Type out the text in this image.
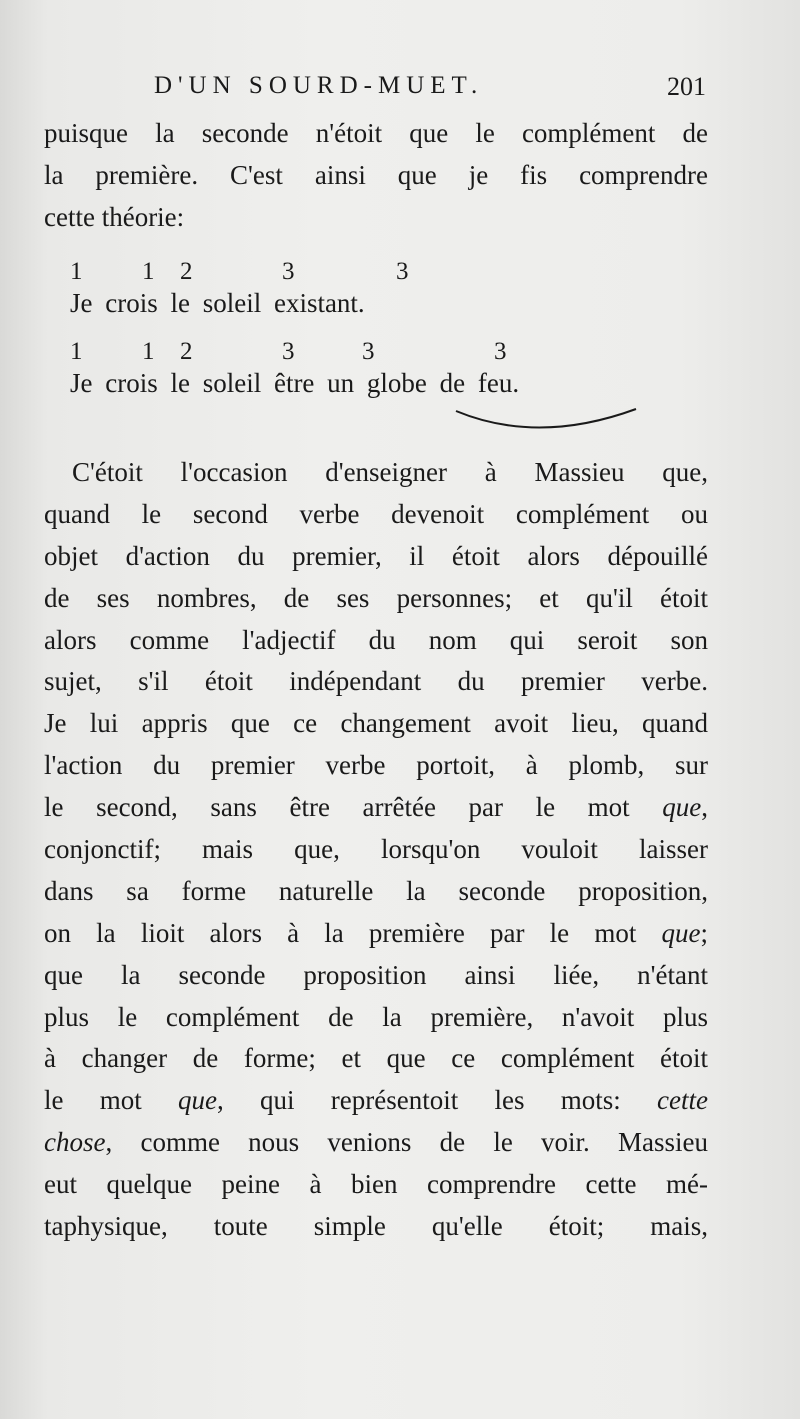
D'UN SOURD-MUET.	201
puisque la seconde n'étoit que le complément de
la première. C'est ainsi que je fis comprendre
cette théorie:
1 1 2	3	3
Je crois le soleil existant.
1 1 2	3	3	3
Je crois le soleil être un globe de feu.
C'étoit l'occasion d'enseigner à Massieu que,
quand le second verbe devenoit complément ou
objet d'action du premier, il étoit alors dépouillé
de ses nombres, de ses personnes; et qu'il étoit
alors comme l'adjectif du nom qui seroit son
sujet, s'il étoit indépendant du premier verbe.
Je lui appris que ce changement avoit lieu, quand
l'action du premier verbe portoit, à plomb, sur
le second, sans être arrêtée par le mot que,
conjonctif; mais que, lorsqu'on vouloit laisser
dans sa forme naturelle la seconde proposition,
on la lioit alors à la première par le mot que;
que la seconde proposition ainsi liée, n'étant
plus le complément de la première, n'avoit plus
à changer de forme; et que ce complément étoit
le mot que, qui représentoit les mots: cette
chose, comme nous venions de le voir. Massieu
eut quelque peine à bien comprendre cette mé-
taphysique, toute simple qu'elle étoit; mais,
